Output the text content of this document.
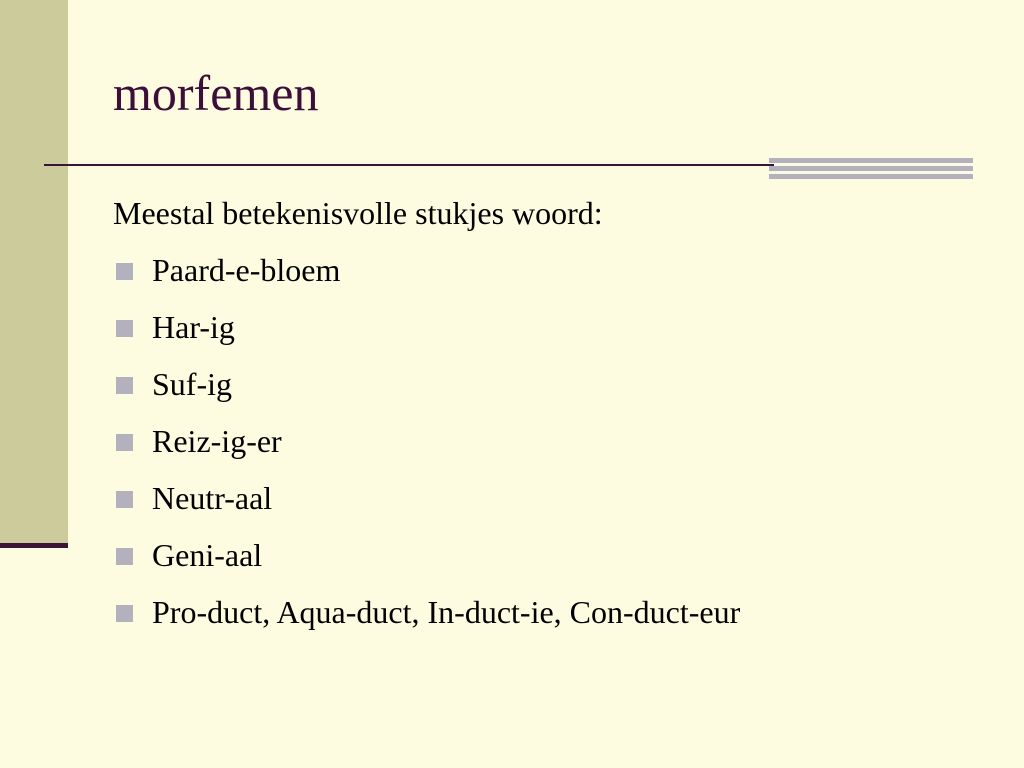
morfemen

Meestal betekenisvolle stukjes woord:

Paard-e-bloem
Har-ig
Suf-ig
Reiz-ig-er
Neutr-aal
Geni-aal
Pro-duct, Aqua-duct, In-duct-ie, Con-duct-eur
